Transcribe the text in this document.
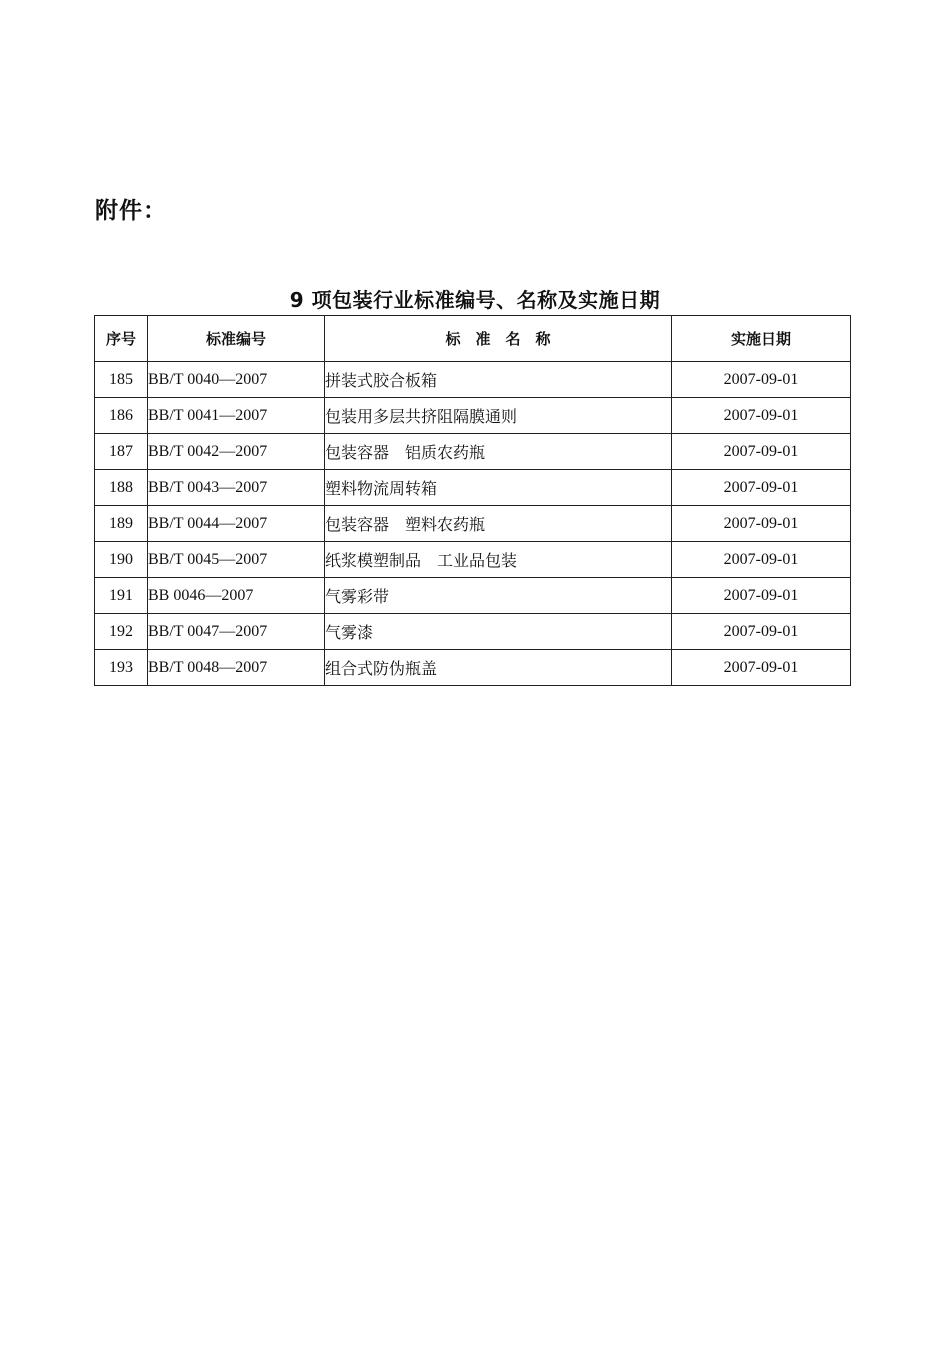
附件：
9 项包装行业标准编号、名称及实施日期
序号	标准编号	标　准　名　称	实施日期
185	BB/T 0040—2007	拼装式胶合板箱	2007-09-01
186	BB/T 0041—2007	包装用多层共挤阻隔膜通则	2007-09-01
187	BB/T 0042—2007	包装容器　铝质农药瓶	2007-09-01
188	BB/T 0043—2007	塑料物流周转箱	2007-09-01
189	BB/T 0044—2007	包装容器　塑料农药瓶	2007-09-01
190	BB/T 0045—2007	纸浆模塑制品　工业品包装	2007-09-01
191	BB 0046—2007	气雾彩带	2007-09-01
192	BB/T 0047—2007	气雾漆	2007-09-01
193	BB/T 0048—2007	组合式防伪瓶盖	2007-09-01
